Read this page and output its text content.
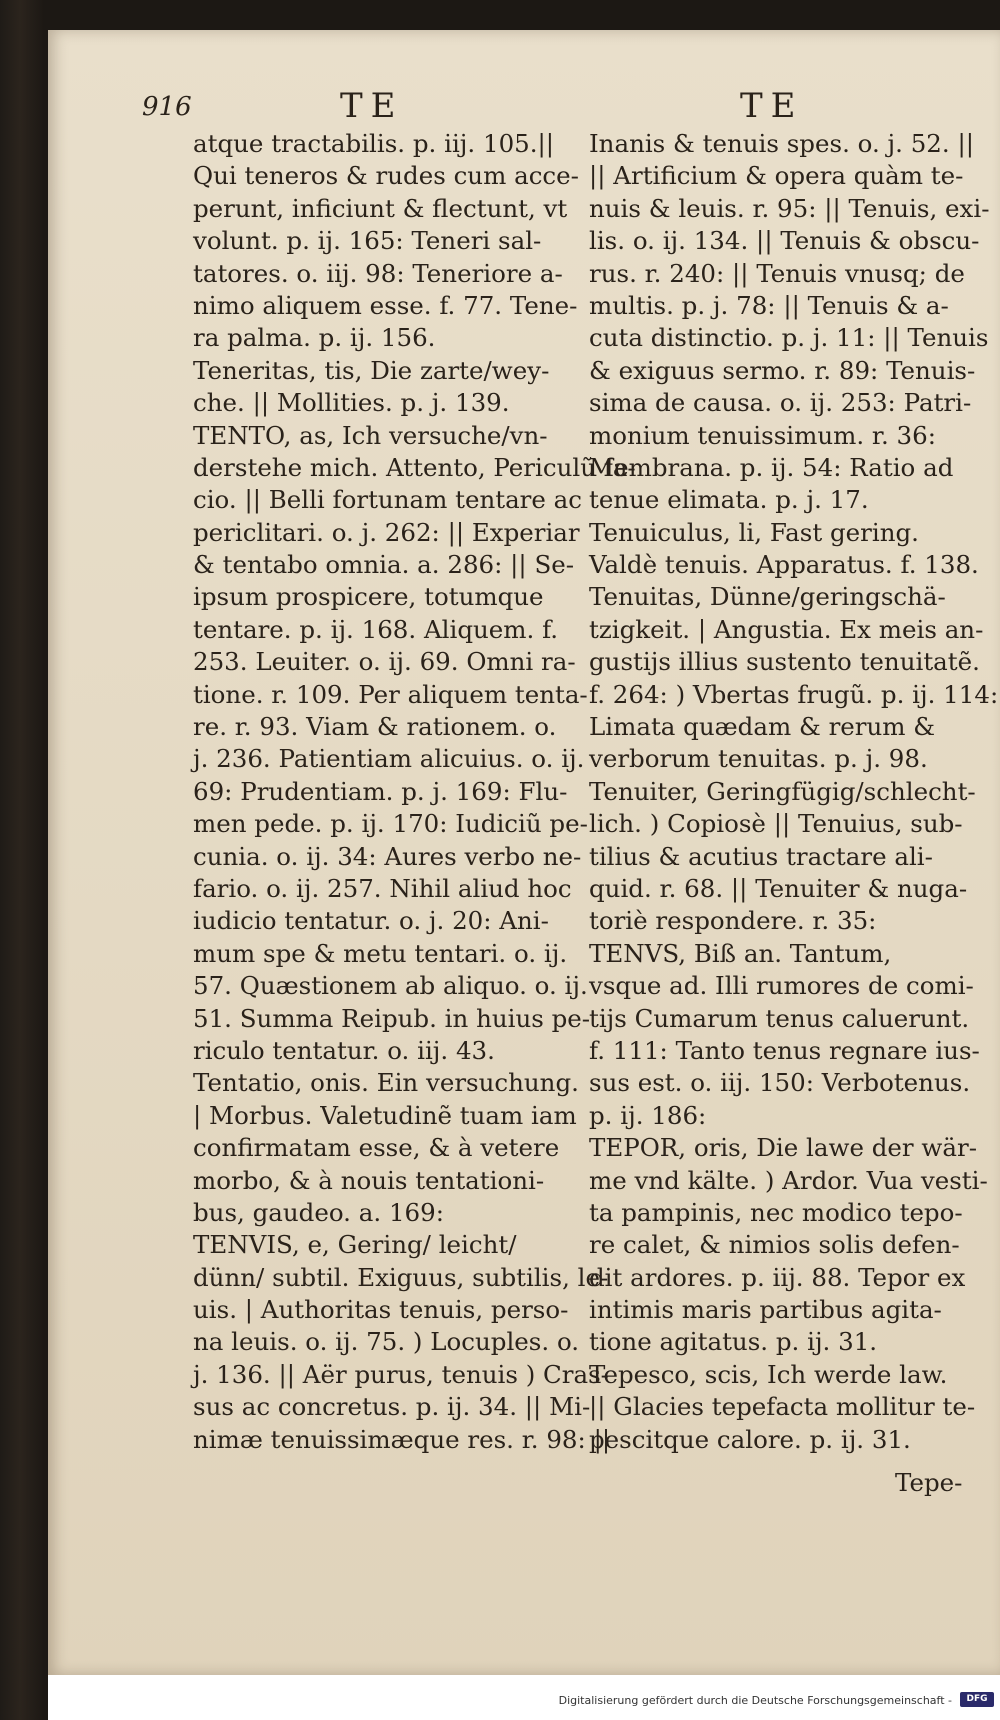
916	TE	TE
atque tractabilis. p. iij. 105.||
Qui teneros & rudes cum acce-
perunt, inficiunt & flectunt, vt
volunt. p. ij. 165: Teneri sal-
tatores. o. iij. 98: Teneriore a-
nimo aliquem esse. f. 77. Tene-
ra palma. p. ij. 156.
Teneritas, tis, Die zarte/wey-
che. || Mollities. p. j. 139.
TENTO, as, Ich versuche/vn-
derstehe mich. Attento, Periculũ fa-
cio. || Belli fortunam tentare ac
periclitari. o. j. 262: || Experiar
& tentabo omnia. a. 286: || Se-
ipsum prospicere, totumque
tentare. p. ij. 168. Aliquem. f.
253. Leuiter. o. ij. 69. Omni ra-
tione. r. 109. Per aliquem tenta-
re. r. 93. Viam & rationem. o.
j. 236. Patientiam alicuius. o. ij.
69: Prudentiam. p. j. 169: Flu-
men pede. p. ij. 170: Iudiciũ pe-
cunia. o. ij. 34: Aures verbo ne-
fario. o. ij. 257. Nihil aliud hoc
iudicio tentatur. o. j. 20: Ani-
mum spe & metu tentari. o. ij.
57. Quæstionem ab aliquo. o. ij.
51. Summa Reipub. in huius pe-
riculo tentatur. o. iij. 43.
Tentatio, onis. Ein versuchung.
| Morbus. Valetudinẽ tuam iam
confirmatam esse, & à vetere
morbo, & à nouis tentationi-
bus, gaudeo. a. 169:
TENVIS, e, Gering/ leicht/
dünn/ subtil. Exiguus, subtilis, le-
uis. | Authoritas tenuis, perso-
na leuis. o. ij. 75. ) Locuples. o.
j. 136. || Aër purus, tenuis ) Cras-
sus ac concretus. p. ij. 34. || Mi-
nimæ tenuissimæque res. r. 98: ||
Inanis & tenuis spes. o. j. 52. ||
|| Artificium & opera quàm te-
nuis & leuis. r. 95: || Tenuis, exi-
lis. o. ij. 134. || Tenuis & obscu-
rus. r. 240: || Tenuis vnusq; de
multis. p. j. 78: || Tenuis & a-
cuta distinctio. p. j. 11: || Tenuis
& exiguus sermo. r. 89: Tenuis-
sima de causa. o. ij. 253: Patri-
monium tenuissimum. r. 36:
Membrana. p. ij. 54: Ratio ad
tenue elimata. p. j. 17.
Tenuiculus, li, Fast gering.
Valdè tenuis. Apparatus. f. 138.
Tenuitas, Dünne/geringschä-
tzigkeit. | Angustia. Ex meis an-
gustijs illius sustento tenuitatẽ.
f. 264: ) Vbertas frugũ. p. ij. 114:
Limata quædam & rerum &
verborum tenuitas. p. j. 98.
Tenuiter, Geringfügig/schlecht-
lich. ) Copiosè || Tenuius, sub-
tilius & acutius tractare ali-
quid. r. 68. || Tenuiter & nuga-
toriè respondere. r. 35:
TENVS, Biß an. Tantum,
vsque ad. Illi rumores de comi-
tijs Cumarum tenus caluerunt.
f. 111: Tanto tenus regnare ius-
sus est. o. iij. 150: Verbotenus.
p. ij. 186:
TEPOR, oris, Die lawe der wär-
me vnd kälte. ) Ardor. Vua vesti-
ta pampinis, nec modico tepo-
re calet, & nimios solis defen-
dit ardores. p. iij. 88. Tepor ex
intimis maris partibus agita-
tione agitatus. p. ij. 31.
Tepesco, scis, Ich werde law.
|| Glacies tepefacta mollitur te-
pescitque calore. p. ij. 31.
Tepe-
Digitalisierung gefördert durch die Deutsche Forschungsgemeinschaft -	DFG
